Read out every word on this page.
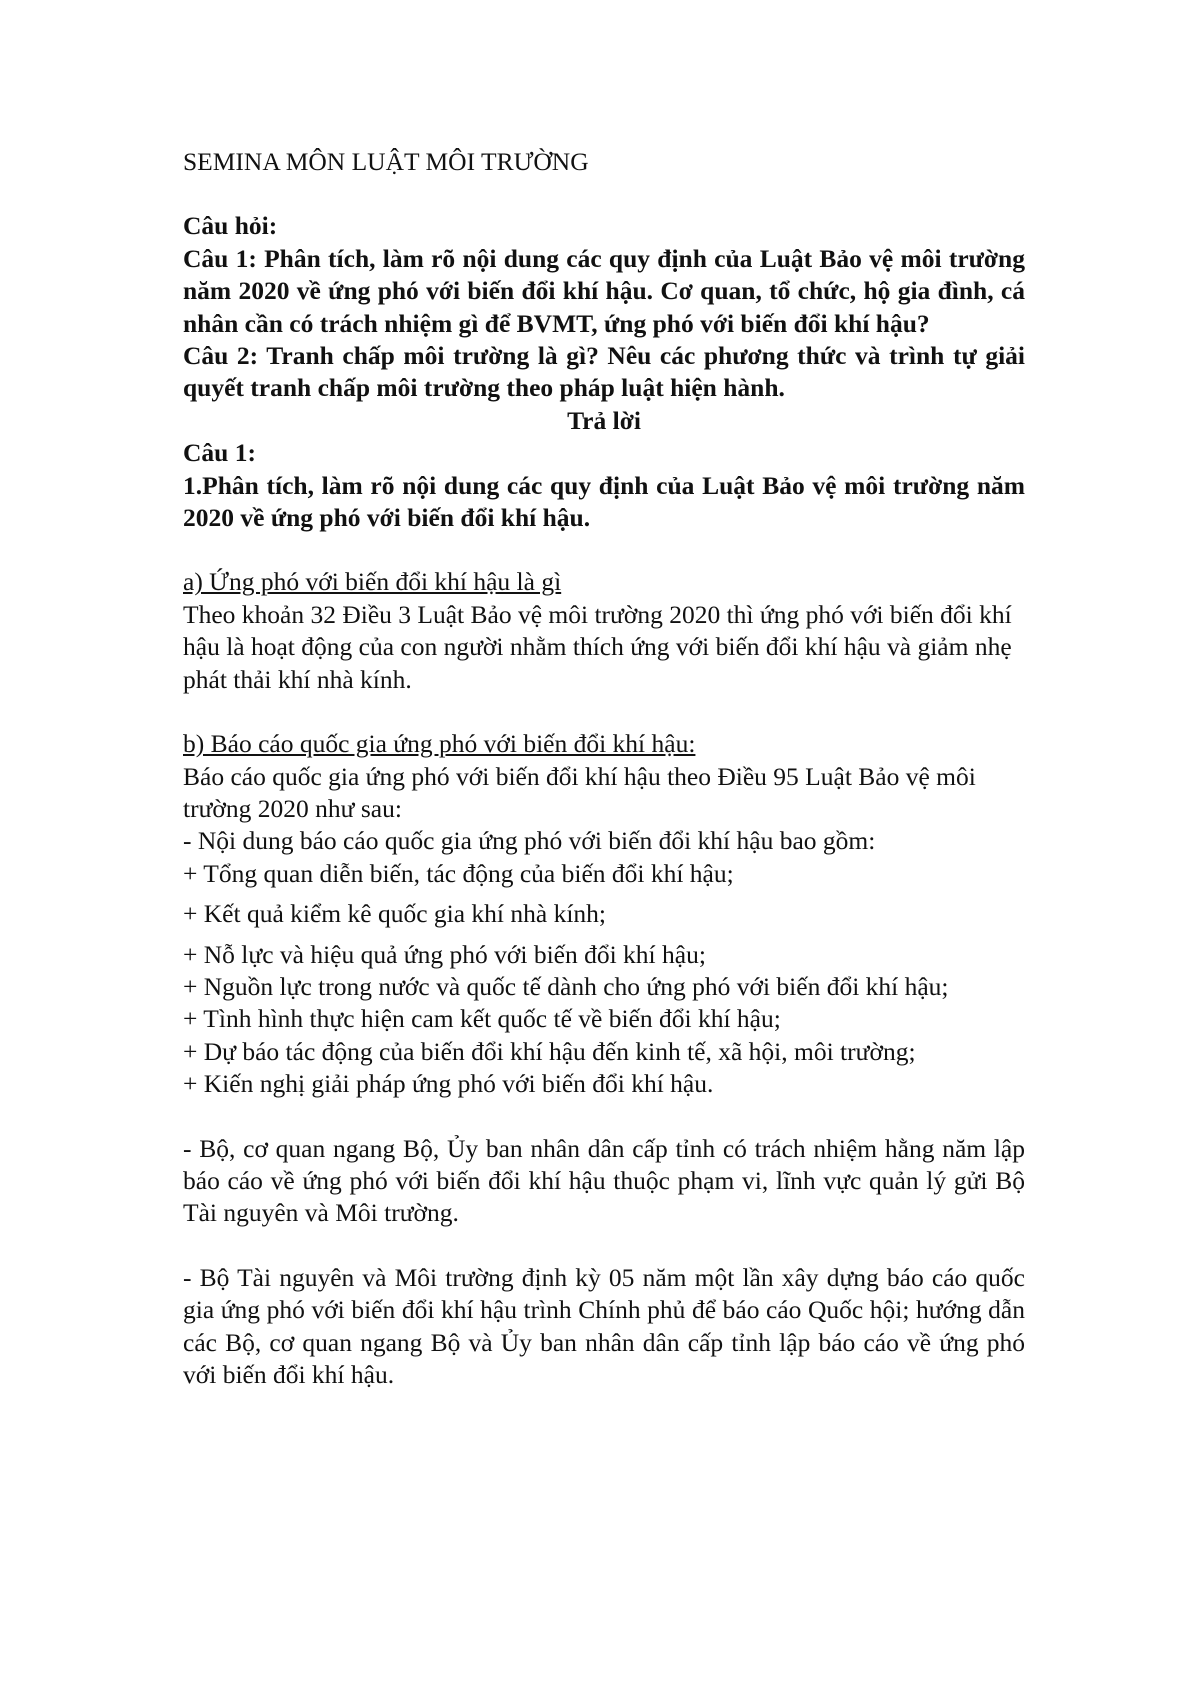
SEMINA MÔN LUẬT MÔI TRƯỜNG

Câu hỏi:

Câu 1: Phân tích, làm rõ nội dung các quy định của Luật Bảo vệ môi trường năm 2020 về ứng phó với biến đổi khí hậu. Cơ quan, tổ chức, hộ gia đình, cá nhân cần có trách nhiệm gì để BVMT, ứng phó với biến đổi khí hậu?

Câu 2: Tranh chấp môi trường là gì? Nêu các phương thức và trình tự giải quyết tranh chấp môi trường theo pháp luật hiện hành.

Trả lời

Câu 1:

1.Phân tích, làm rõ nội dung các quy định của Luật Bảo vệ môi trường năm 2020 về ứng phó với biến đổi khí hậu.

a) Ứng phó với biến đổi khí hậu là gì

Theo khoản 32 Điều 3 Luật Bảo vệ môi trường 2020 thì ứng phó với biến đổi khí hậu là hoạt động của con người nhằm thích ứng với biến đổi khí hậu và giảm nhẹ phát thải khí nhà kính.

b) Báo cáo quốc gia ứng phó với biến đổi khí hậu:

Báo cáo quốc gia ứng phó với biến đổi khí hậu theo Điều 95 Luật Bảo vệ môi trường 2020 như sau:

- Nội dung báo cáo quốc gia ứng phó với biến đổi khí hậu bao gồm:

+ Tổng quan diễn biến, tác động của biến đổi khí hậu;

+ Kết quả kiểm kê quốc gia khí nhà kính;

+ Nỗ lực và hiệu quả ứng phó với biến đổi khí hậu;

+ Nguồn lực trong nước và quốc tế dành cho ứng phó với biến đổi khí hậu;

+ Tình hình thực hiện cam kết quốc tế về biến đổi khí hậu;

+ Dự báo tác động của biến đổi khí hậu đến kinh tế, xã hội, môi trường;

+ Kiến nghị giải pháp ứng phó với biến đổi khí hậu.

- Bộ, cơ quan ngang Bộ, Ủy ban nhân dân cấp tỉnh có trách nhiệm hằng năm lập báo cáo về ứng phó với biến đổi khí hậu thuộc phạm vi, lĩnh vực quản lý gửi Bộ Tài nguyên và Môi trường.

- Bộ Tài nguyên và Môi trường định kỳ 05 năm một lần xây dựng báo cáo quốc gia ứng phó với biến đổi khí hậu trình Chính phủ để báo cáo Quốc hội; hướng dẫn các Bộ, cơ quan ngang Bộ và Ủy ban nhân dân cấp tỉnh lập báo cáo về ứng phó với biến đổi khí hậu.
